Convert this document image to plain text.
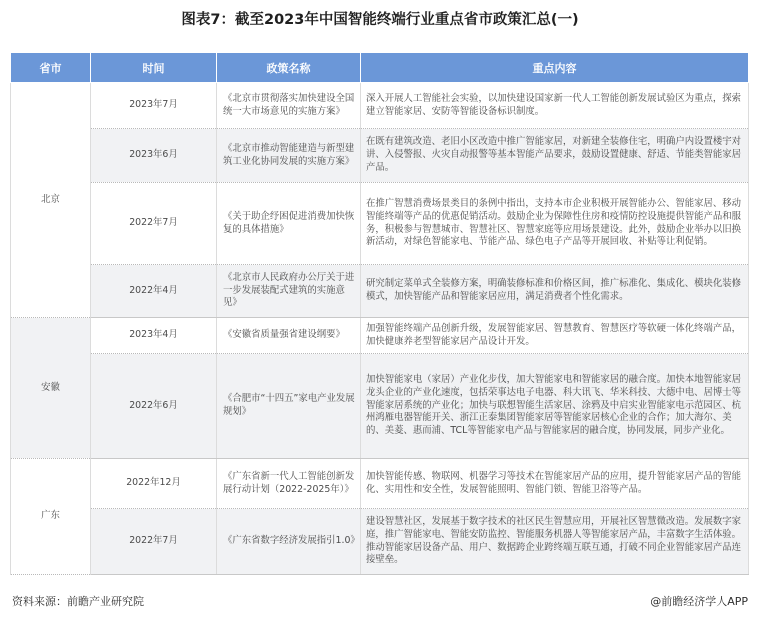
图表7：截至2023年中国智能终端行业重点省市政策汇总(一)
省市	时间	政策名称	重点内容
北京	2023年7月	《北京市贯彻落实加快建设全国统一大市场意见的实施方案》	深入开展人工智能社会实验，以加快建设国家新一代人工智能创新发展试验区为重点，探索建立智能家居、安防等智能设备标识制度。
	2023年6月	《北京市推动智能建造与新型建筑工业化协同发展的实施方案》	在既有建筑改造、老旧小区改造中推广智能家居，对新建全装修住宅，明确户内设置楼宇对讲、入侵警报、火灾自动报警等基本智能产品要求，鼓励设置健康、舒适、节能类智能家居产品。
	2022年7月	《关于助企纾困促进消费加快恢复的具体措施》	在推广智慧消费场景类目的条例中指出，支持本市企业积极开展智能办公、智能家居、移动智能终端等产品的优惠促销活动。鼓励企业为保障性住房和疫情防控设施提供智能产品和服务，积极参与智慧城市、智慧社区、智慧家庭等应用场景建设。此外，鼓励企业举办以旧换新活动，对绿色智能家电、节能产品、绿色电子产品等开展回收、补贴等让利促销。
	2022年4月	《北京市人民政府办公厅关于进一步发展装配式建筑的实施意见》	研究制定菜单式全装修方案，明确装修标准和价格区间，推广标准化、集成化、模块化装修模式，加快智能产品和智能家居应用，满足消费者个性化需求。
安徽	2023年4月	《安徽省质量强省建设纲要》	加强智能终端产品创新升级，发展智能家居、智慧教育、智慧医疗等软硬一体化终端产品，加快健康养老型智能家居产品设计开发。
	2022年6月	《合肥市“十四五”家电产业发展规划》	加快智能家电（家居）产业化步伐，加大智能家电和智能家居的融合度。加快本地智能家居龙头企业的产业化速度，包括荣事达电子电器、科大讯飞、华米科技、大德中电、居博士等智能家居系统的产业化；加快与联想智能生活家居、涂鸦及中启实业智能家电示范园区、杭州鸿雁电器智能开关、浙江正泰集团智能家居等智能家居核心企业的合作；加大海尔、美的、美菱、惠而浦、TCL等智能家电产品与智能家居的融合度，协同发展，同步产业化。
广东	2022年12月	《广东省新一代人工智能创新发展行动计划（2022-2025年）》	加快智能传感、物联网、机器学习等技术在智能家居产品的应用，提升智能家居产品的智能化、实用性和安全性，发展智能照明、智能门锁、智能卫浴等产品。
	2022年7月	《广东省数字经济发展指引1.0》	建设智慧社区，发展基于数字技术的社区民生智慧应用，开展社区智慧微改造。发展数字家庭，推广智能家电、智能安防监控、智能服务机器人等智能家居产品，丰富数字生活体验。推动智能家居设备产品、用户、数据跨企业跨终端互联互通，打破不同企业智能家居产品连接壁垒。
资料来源：前瞻产业研究院	@前瞻经济学人APP
